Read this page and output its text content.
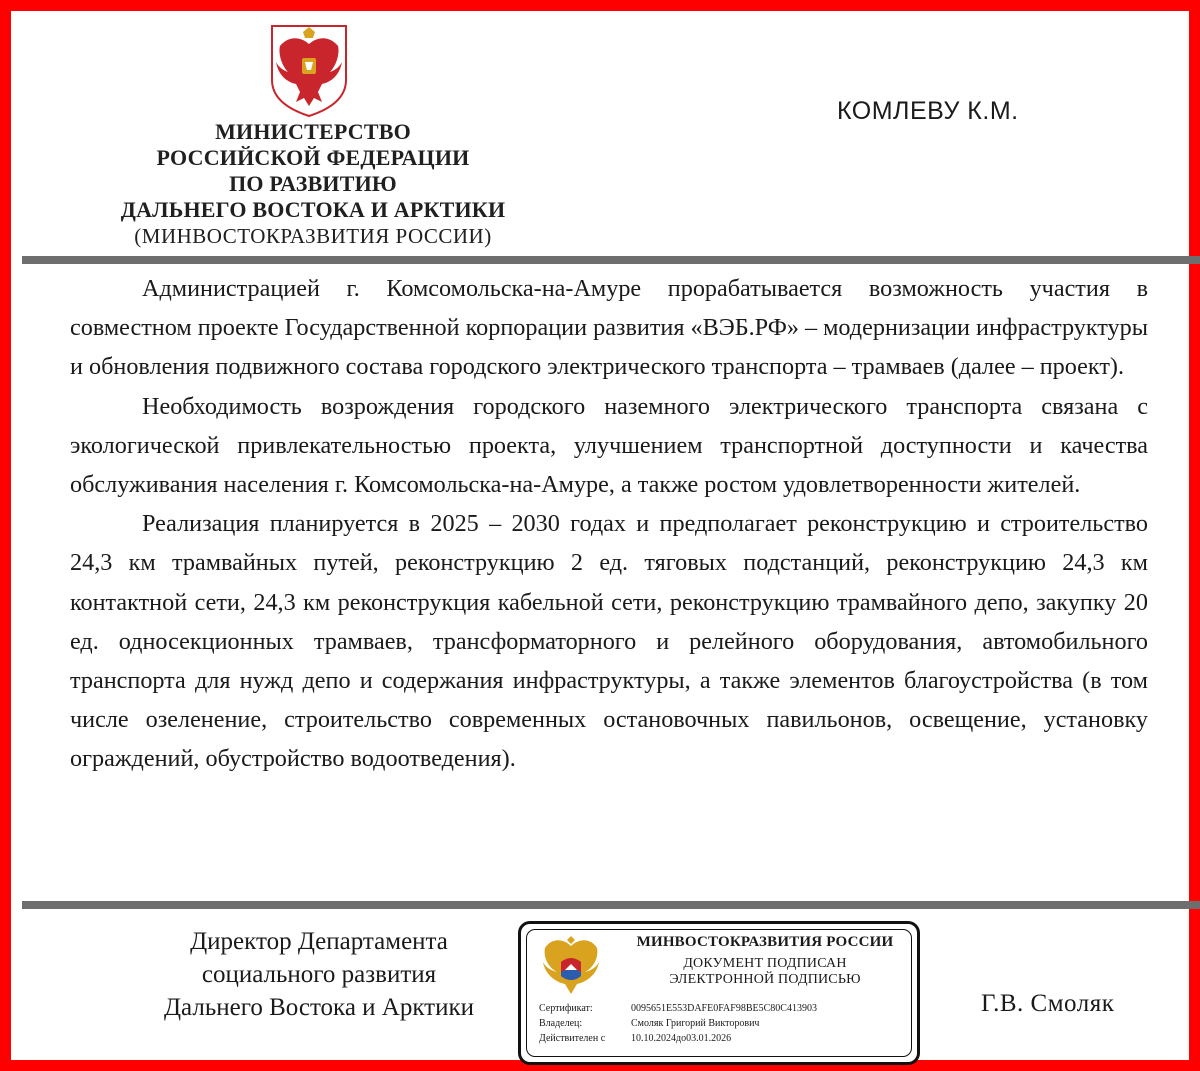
МИНИСТЕРСТВО
РОССИЙСКОЙ ФЕДЕРАЦИИ
ПО РАЗВИТИЮ
ДАЛЬНЕГО ВОСТОКА И АРКТИКИ
(МИНВОСТОКРАЗВИТИЯ РОССИИ)
КОМЛЕВУ К.М.

Администрацией г. Комсомольска-на-Амуре прорабатывается возможность участия в совместном проекте Государственной корпорации развития «ВЭБ.РФ» – модернизации инфраструктуры и обновления подвижного состава городского электрического транспорта – трамваев (далее – проект).

Необходимость возрождения городского наземного электрического транспорта связана с экологической привлекательностью проекта, улучшением транспортной доступности и качества обслуживания населения г. Комсомольска-на-Амуре, а также ростом удовлетворенности жителей.

Реализация планируется в 2025 – 2030 годах и предполагает реконструкцию и строительство 24,3 км трамвайных путей, реконструкцию 2 ед. тяговых подстанций, реконструкцию 24,3 км контактной сети, 24,3 км реконструкция кабельной сети, реконструкцию трамвайного депо, закупку 20 ед. односекционных трамваев, трансформаторного и релейного оборудования, автомобильного транспорта для нужд депо и содержания инфраструктуры, а также элементов благоустройства (в том числе озеленение, строительство современных остановочных павильонов, освещение, установку ограждений, обустройство водоотведения).

Директор Департамента
социального развития
Дальнего Востока и Арктики
МИНВОСТОКРАЗВИТИЯ РОССИИ
ДОКУМЕНТ ПОДПИСАН
ЭЛЕКТРОННОЙ ПОДПИСЬЮ
Сертификат:	0095651E553DAFE0FAF98BE5C80C413903
Владелец:	Смоляк Григорий Викторович
Действителен с	10.10.2024до03.01.2026
Г.В. Смоляк
